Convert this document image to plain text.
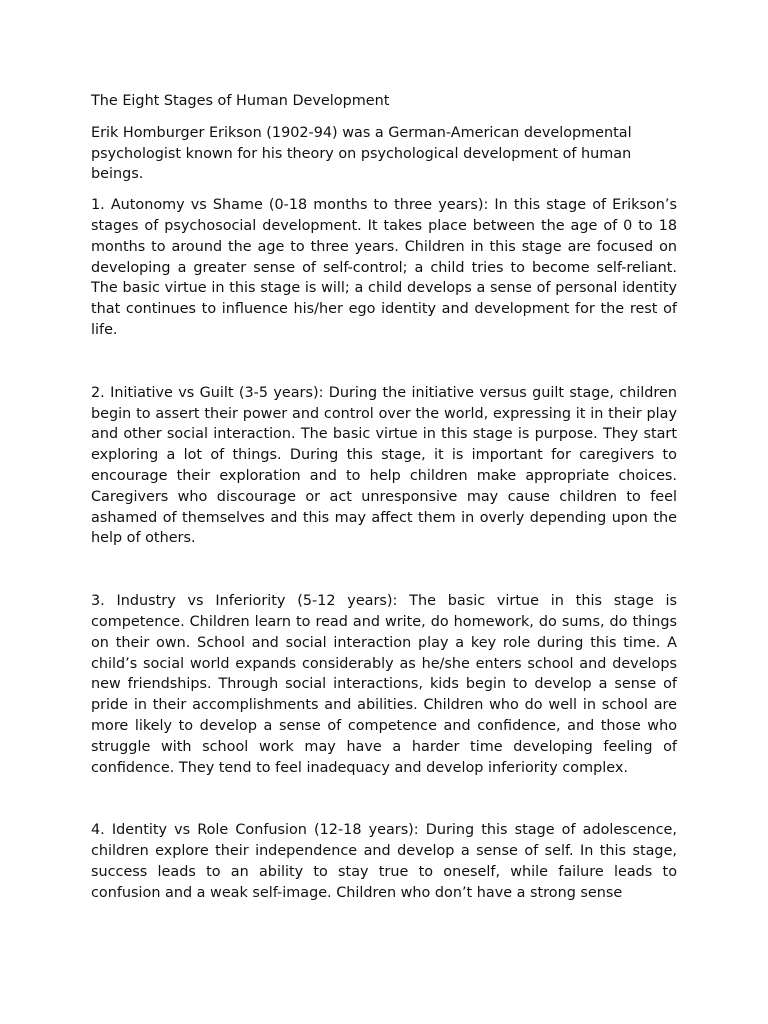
The Eight Stages of Human Development

Erik Homburger Erikson (1902-94) was a German-American developmental psychologist known for his theory on psychological development of human beings.

1. Autonomy vs Shame (0-18 months to three years): In this stage of Erikson’s stages of psychosocial development. It takes place between the age of 0 to 18 months to around the age to three years. Children in this stage are focused on developing a greater sense of self-control; a child tries to become self-reliant. The basic virtue in this stage is will; a child develops a sense of personal identity that continues to influence his/her ego identity and development for the rest of life.

2. Initiative vs Guilt (3-5 years): During the initiative versus guilt stage, children begin to assert their power and control over the world, expressing it in their play and other social interaction. The basic virtue in this stage is purpose. They start exploring a lot of things. During this stage, it is important for caregivers to encourage their exploration and to help children make appropriate choices. Caregivers who discourage or act unresponsive may cause children to feel ashamed of themselves and this may affect them in overly depending upon the help of others.

3. Industry vs Inferiority (5-12 years): The basic virtue in this stage is competence. Children learn to read and write, do homework, do sums, do things on their own. School and social interaction play a key role during this time. A child’s social world expands considerably as he/she enters school and develops new friendships. Through social interactions, kids begin to develop a sense of pride in their accomplishments and abilities. Children who do well in school are more likely to develop a sense of competence and confidence, and those who struggle with school work may have a harder time developing feeling of confidence. They tend to feel inadequacy and develop inferiority complex.

4. Identity vs Role Confusion (12-18 years): During this stage of adolescence, children explore their independence and develop a sense of self. In this stage, success leads to an ability to stay true to oneself, while failure leads to confusion and a weak self-image. Children who don’t have a strong sense
